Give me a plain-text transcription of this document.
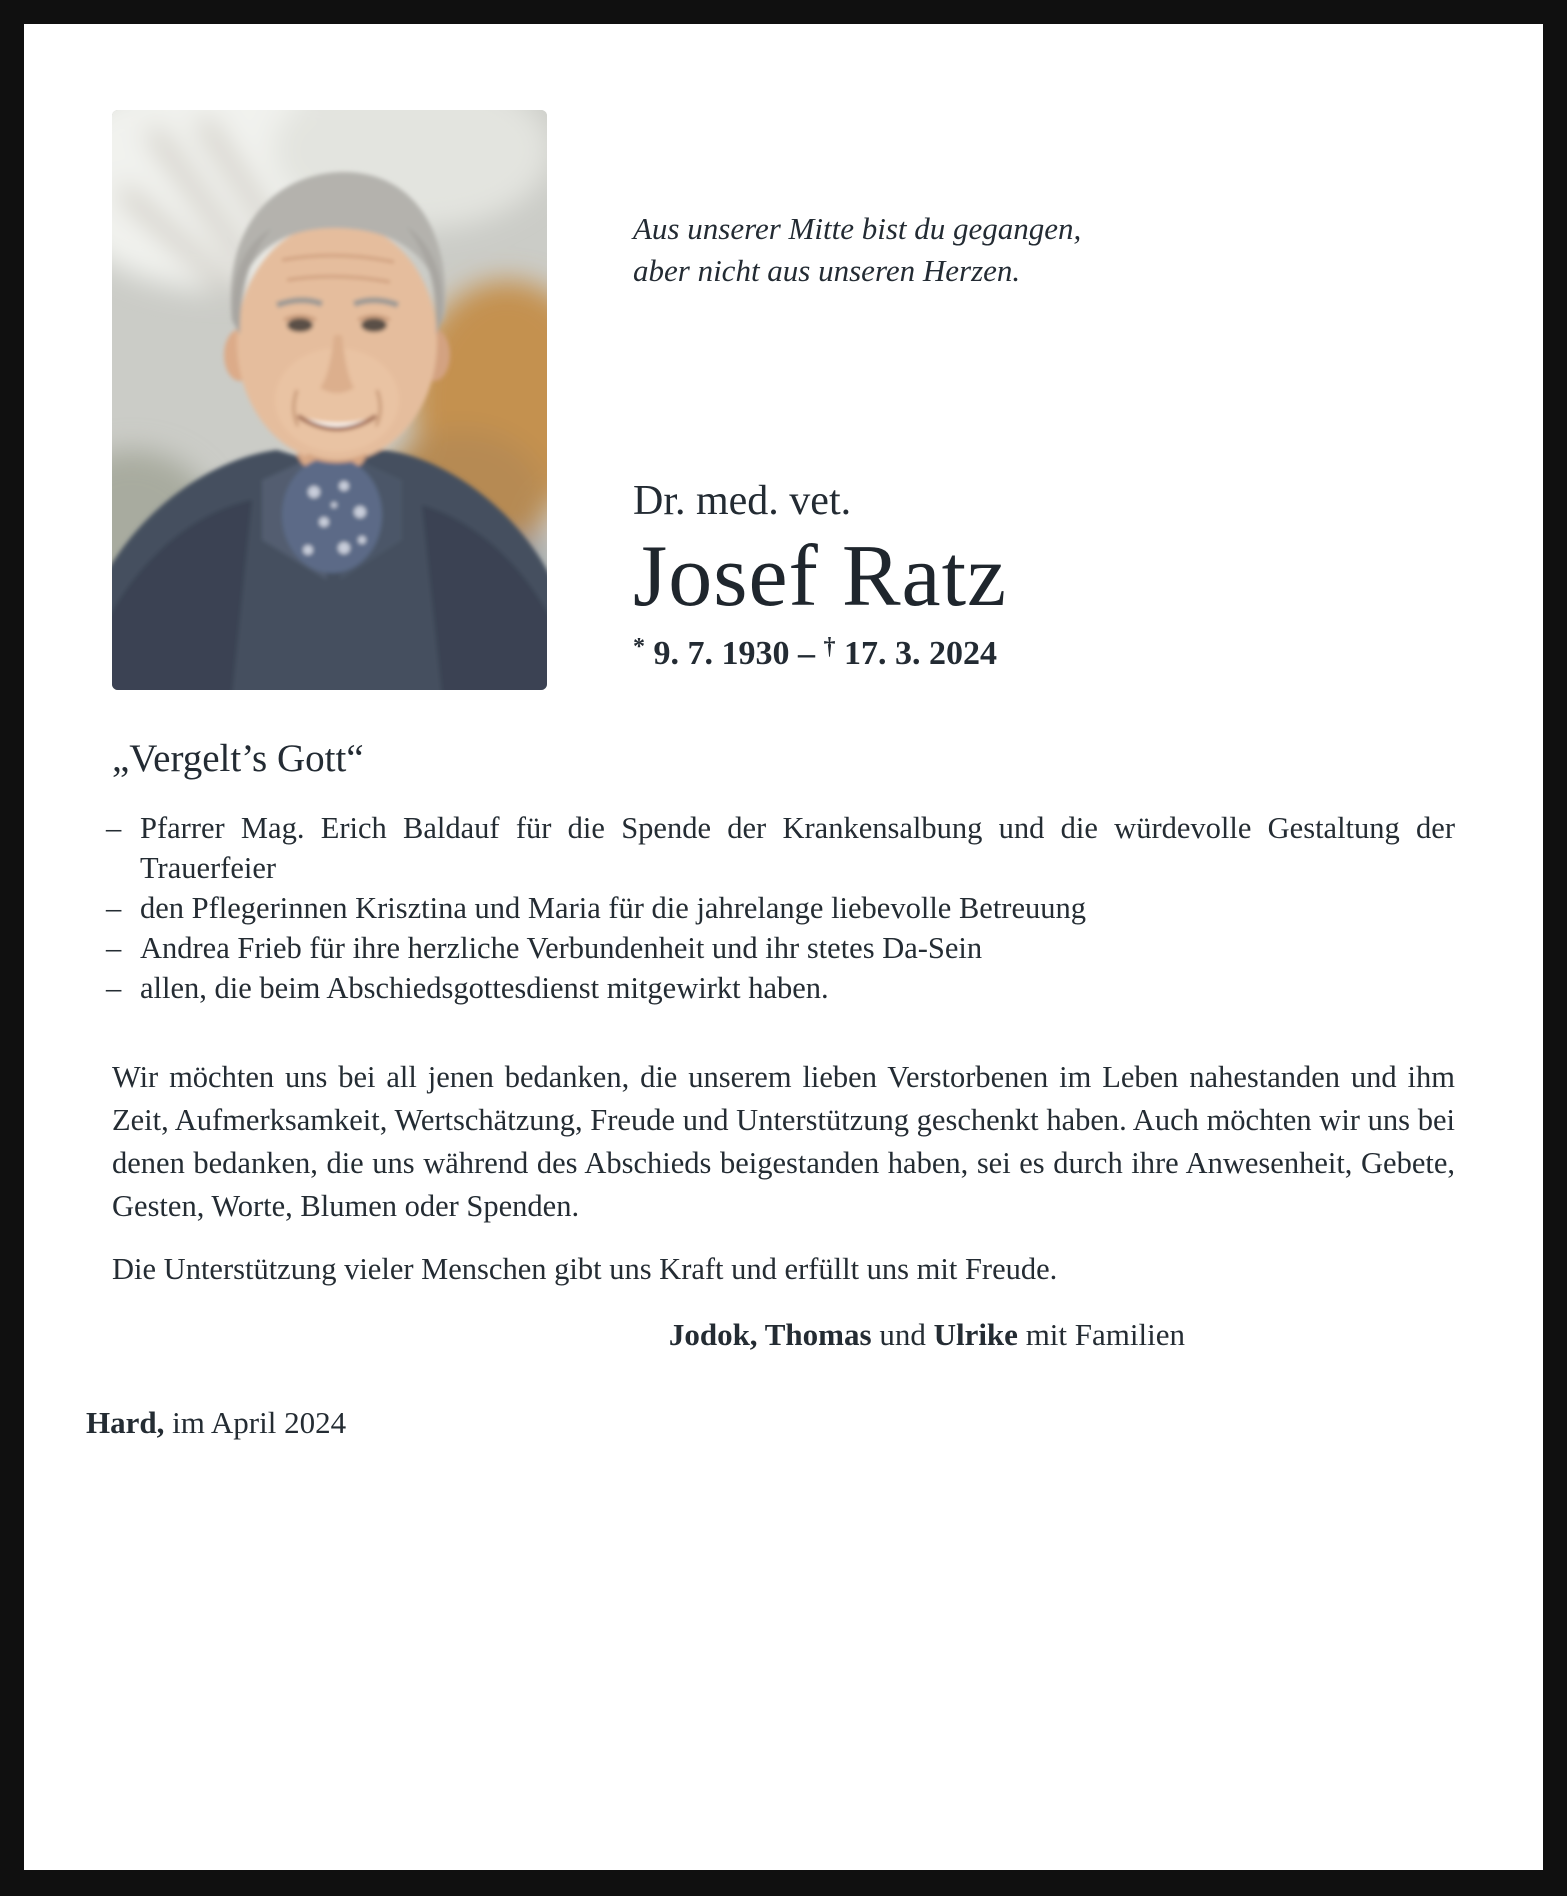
Aus unserer Mitte bist du gegangen,
aber nicht aus unseren Herzen.
Dr. med. vet.
Josef Ratz
* 9. 7. 1930 – † 17. 3. 2024
„Vergelt’s Gott“
– Pfarrer Mag. Erich Baldauf für die Spende der Krankensalbung und die würdevolle Gestaltung der Trauerfeier
– den Pflegerinnen Krisztina und Maria für die jahrelange liebevolle Betreuung
– Andrea Frieb für ihre herzliche Verbundenheit und ihr stetes Da-Sein
– allen, die beim Abschiedsgottesdienst mitgewirkt haben.
Wir möchten uns bei all jenen bedanken, die unserem lieben Verstorbenen im Leben nahestanden und ihm Zeit, Aufmerksamkeit, Wertschätzung, Freude und Unterstützung geschenkt haben. Auch möchten wir uns bei denen bedanken, die uns während des Abschieds beigestanden haben, sei es durch ihre Anwesenheit, Gebete, Gesten, Worte, Blumen oder Spenden.
Die Unterstützung vieler Menschen gibt uns Kraft und erfüllt uns mit Freude.
Jodok, Thomas und Ulrike mit Familien
Hard, im April 2024
